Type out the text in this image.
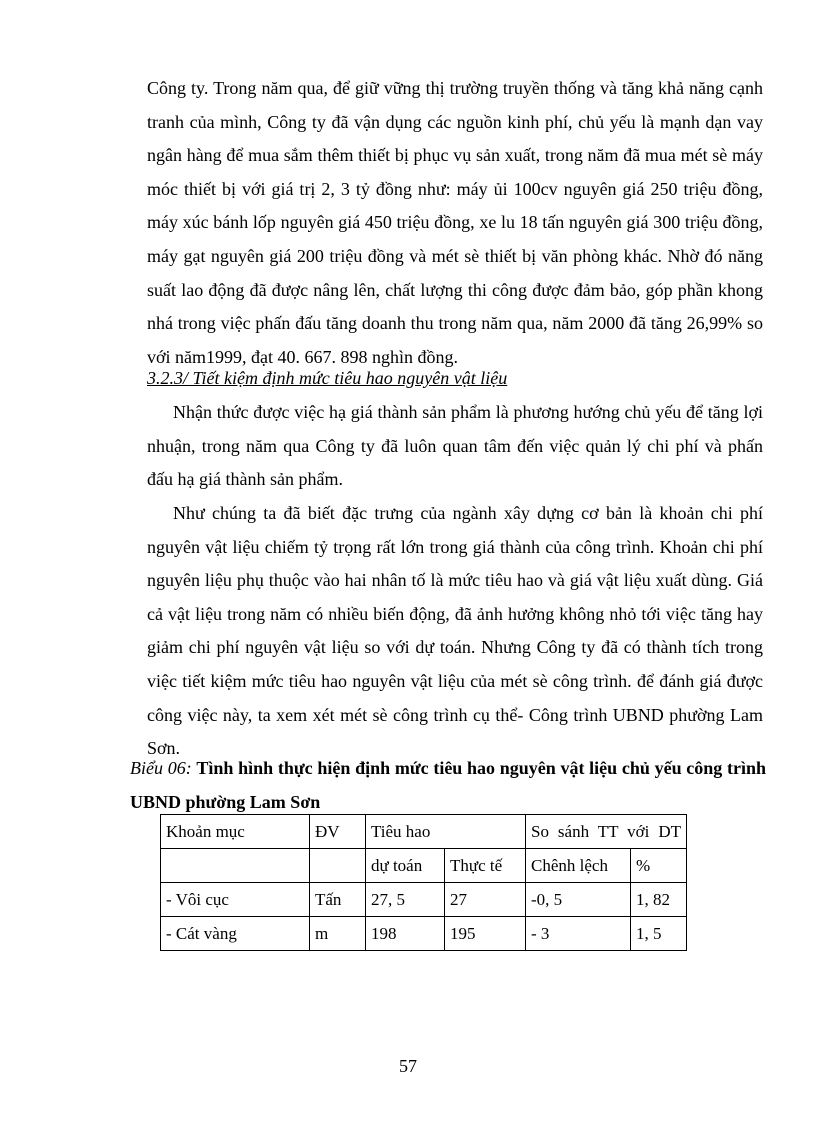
Công ty. Trong năm qua, để giữ vững thị trường truyền thống và tăng khả năng cạnh tranh của mình, Công ty đã vận dụng các nguồn kinh phí, chủ yếu là mạnh dạn vay ngân hàng để mua sắm thêm thiết bị phục vụ sản xuất, trong năm đã mua mét sè máy móc thiết bị với giá trị 2, 3 tỷ đồng như: máy ủi 100cv nguyên giá 250 triệu đồng, máy xúc bánh lốp nguyên giá 450 triệu đồng, xe lu 18 tấn nguyên giá 300 triệu đồng, máy gạt nguyên giá 200 triệu đồng và mét sè thiết bị văn phòng khác. Nhờ đó năng suất lao động đã được nâng lên, chất lượng thi công được đảm bảo, góp phần khong nhá trong việc phấn đấu tăng doanh thu trong năm qua, năm 2000 đã tăng 26,99% so với năm1999, đạt 40. 667. 898 nghìn đồng.

3.2.3/ Tiết kiệm định mức tiêu hao nguyên vật liệu

Nhận thức được việc hạ giá thành sản phẩm là phương hướng chủ yếu để tăng lợi nhuận, trong năm qua Công ty đã luôn quan tâm đến việc quản lý chi phí và phấn đấu hạ giá thành sản phẩm.

Như chúng ta đã biết đặc trưng của ngành xây dựng cơ bản là khoản chi phí nguyên vật liệu chiếm tỷ trọng rất lớn trong giá thành của công trình. Khoản chi phí nguyên liệu phụ thuộc vào hai nhân tố là mức tiêu hao và giá vật liệu xuất dùng. Giá cả vật liệu trong năm có nhiều biến động, đã ảnh hưởng không nhỏ tới việc tăng hay giảm chi phí nguyên vật liệu so với dự toán. Nhưng Công ty đã có thành tích trong việc tiết kiệm mức tiêu hao nguyên vật liệu của mét sè công trình. để đánh giá được công việc này, ta xem xét mét sè công trình cụ thể- Công trình UBND phường Lam Sơn.

Biểu 06: Tình hình thực hiện định mức tiêu hao nguyên vật liệu chủ yếu công trình UBND phường Lam Sơn

Khoản mục	ĐV	Tiêu hao		So sánh TT với DT	
		dự toán	Thực tế	Chênh lệch	%
- Vôi cục	Tấn	27, 5	27	-0, 5	1, 82
- Cát vàng	m	198	195	- 3	1, 5
57
